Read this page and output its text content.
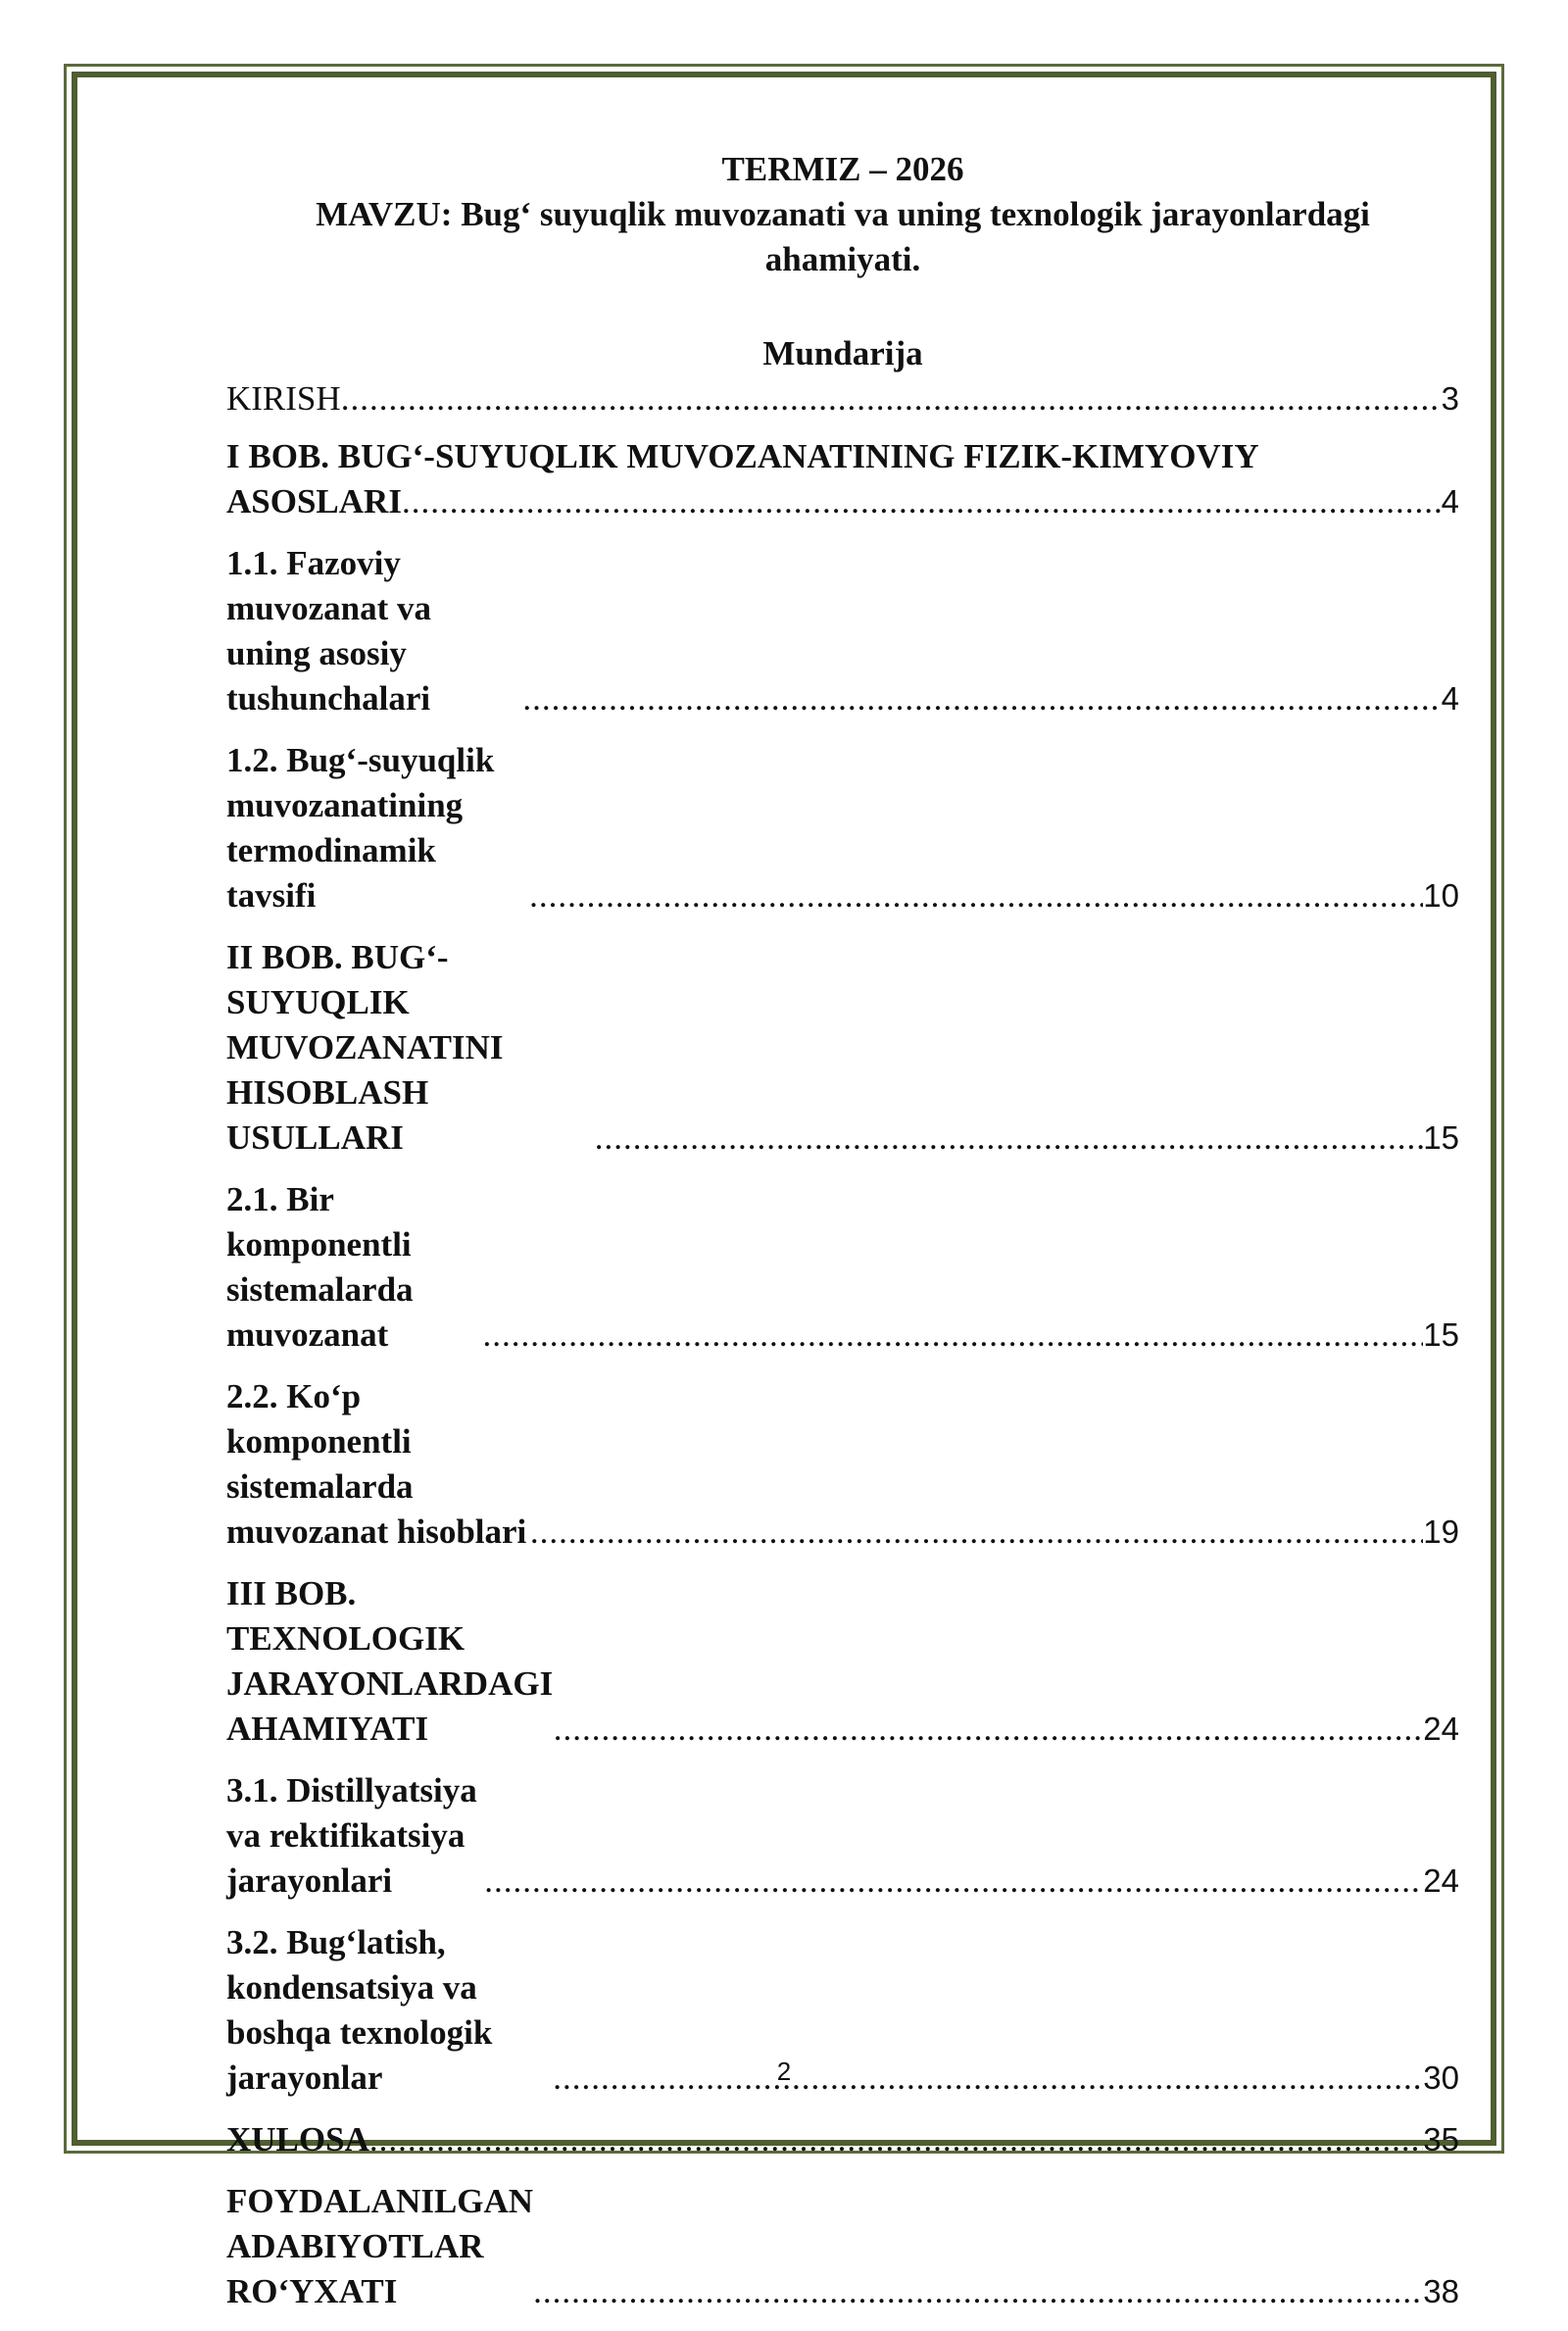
TERMIZ – 2026

MAVZU: Bug‘ suyuqlik muvozanati va uning texnologik jarayonlardagi ahamiyati.

Mundarija
KIRISH .....	3
I BOB. BUG‘-SUYUQLIK MUVOZANATINING FIZIK-KIMYOVIY
ASOSLARI .....	4
1.1. Fazoviy muvozanat va uning asosiy tushunchalari .....	4
1.2. Bug‘-suyuqlik muvozanatining termodinamik tavsifi .....	10
II BOB. BUG‘-SUYUQLIK MUVOZANATINI HISOBLASH USULLARI .....	15
2.1. Bir komponentli sistemalarda muvozanat .....	15
2.2. Ko‘p komponentli sistemalarda muvozanat hisoblari .....	19
III BOB. TEXNOLOGIK JARAYONLARDAGI AHAMIYATI .....	24
3.1. Distillyatsiya va rektifikatsiya jarayonlari .....	24
3.2. Bug‘latish, kondensatsiya va boshqa texnologik jarayonlar .....	30
XULOSA .....	35
FOYDALANILGAN ADABIYOTLAR RO‘YXATI .....	38
2
